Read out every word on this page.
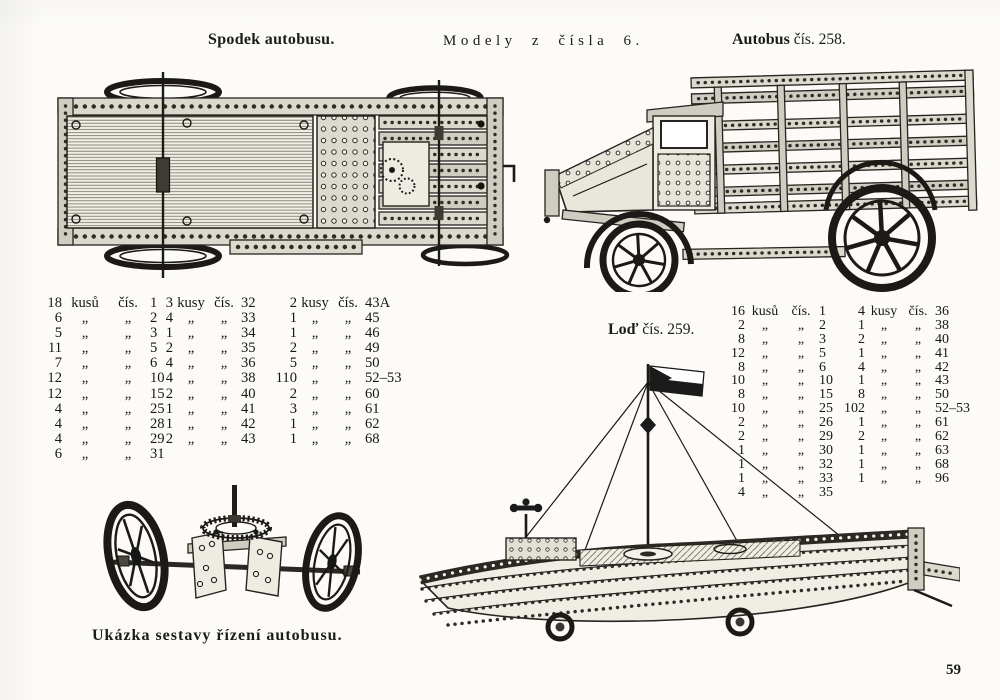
Spodek autobusu.	Modely z čísla 6.	Autobus čís. 258.
18 kusů	čís. 1
6	„	„	2
5	„	„	3
11	„	„	5
7	„	„	6
12	„	„	10
12	„	„	15
4	„	„	25
4	„	„	28
4	„	„	29
6	„	„	31
3 kusy čís. 32
4	„	„ 33
1	„	„ 34
2	„	„ 35
4	„	„ 36
4	„	„ 38
2	„	„ 40
1	„	„ 41
1	„	„ 42
2	„	„ 43
2 kusy čís. 43A
1	„	„ 45
1	„	„ 46
2	„	„ 49
5	„	„ 50
110	„	„ 52–53
2	„	„ 60
3	„	„ 61
1	„	„ 62
1	„	„ 68
16 kusů čís. 1
2	„	„	2
8	„	„	3
12	„	„	5
8	„	„	6
10	„	„	10
8	„	„	15
10	„	„	25
2	„	„	26
2	„	„	29
1	„	„	30
1	„	„	32
1	„	„	33
4	„	„	35
4 kusy čís. 36
1	„	„ 38
2	„	„ 40
1	„	„ 41
4	„	„ 42
1	„	„ 43
8	„	„ 50
102	„	„ 52–53
1	„	„ 61
2	„	„ 62
1	„	„ 63
1	„	„ 68
1	„	„ 96
Loď čís. 259.
Ukázka sestavy řízení autobusu.
59
